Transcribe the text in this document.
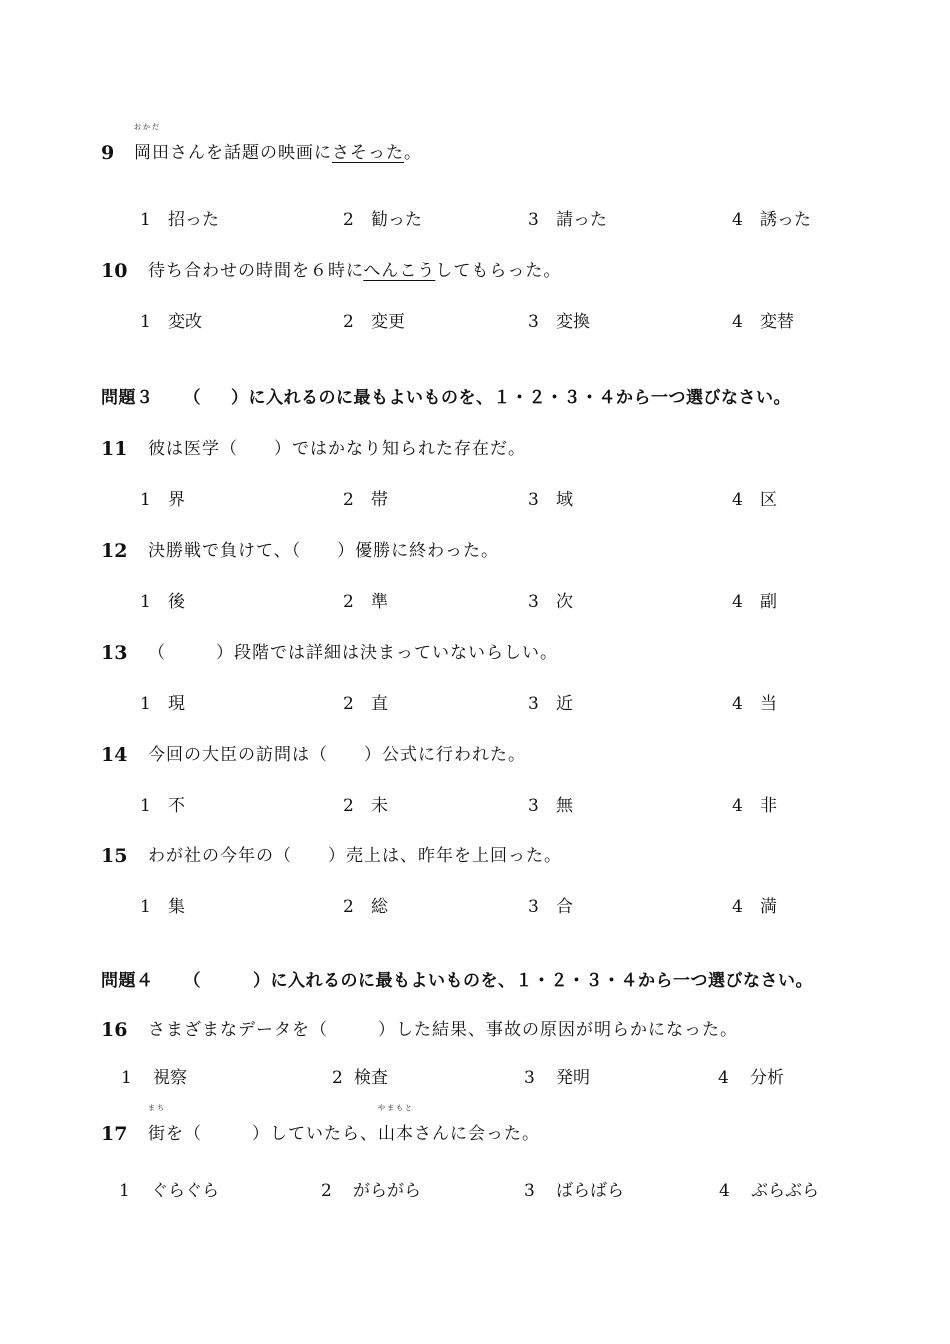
9
おかだ
岡田さんを話題の映画にさそった。
1 招った	2 勧った	3 請った	4 誘った
10 待ち合わせの時間を６時にへんこうしてもらった。
1 変改	2 変更	3 変換	4 変替
問題３ （ ）に入れるのに最もよいものを、１・２・３・４から一つ選びなさい。
11 彼は医学（ ）ではかなり知られた存在だ。
1 界	2 帯	3 域	4 区
12 決勝戦で負けて、（ ）優勝に終わった。
1 後	2 準	3 次	4 副
13 （	）段階では詳細は決まっていないらしい。
1 現	2 直	3 近	4 当
14 今回の大臣の訪問は（ ）公式に行われた。
1 不	2 未	3 無	4 非
15 わが社の今年の（ ）売上は、昨年を上回った。
1 集	2 総	3 合	4 満
問題４ （	）に入れるのに最もよいものを、１・２・３・４から一つ選びなさい。
16 さまざまなデータを（	）した結果、事故の原因が明らかになった。
1 視察	2 検査	3 発明	4 分析
17
まち
街を（	）していたら、
やまもと
山本さんに会った。
1 ぐらぐら	2 がらがら	3 ばらばら	4 ぶらぶら
